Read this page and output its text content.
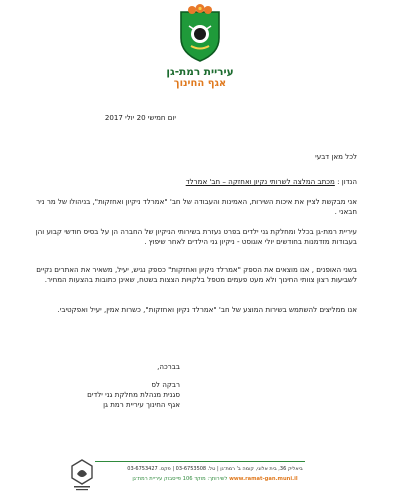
עיריית רמת-גן
אגף החינוך
יום חמישי 20 יולי 2017
לכל מאן דבעי
הנדון : מכתב המלצה לשרותי נקיון ואחזקה – חב' אמרלד
אני מבקשת לציין את איכות השירות, האמינות והעבודה של חב' "אמרלד ניקיון ואחזקות", בניהולו של מר ניר חבאני .
עיריית רמת-גן בכלל ומחלקת גני ילדים בפרט נעזרת בשירותי הניקיון של החברה הן על בסיס חודשי קבוע והן בעבודות מזדמנות בחודשים יולי אוגוסט - ניקיון גני הילדים לאחר שיפוץ .
בשני האופנים , אנו מוצאים את הספק "אמרלד ניקיון ואחזקות" כספק נגיש, יעיל, משאיר את האתרים נקיים לשביעות רצון צוותי החינוך ולא מעט פעמים מטפל בלקויות הצצות בשטח, שאינן כתובות בהצעות המחיר.
אנו ממליצים להשתמש בשירות המוצע של חב' "אמרלד נקיון ואחזקות", כשרות אמין, יעיל ואפקטיבי.
בברכה,
רבקה לס
סגנית מנהלת מחלקת גני ילדים
אגף החינוך עיריית רמת גן
ביאליק 36, בית אלוני, קומה ב' רמת־גן | טל. 03-6753508 | פקס. 03-6753427
www.ramat-gan.muni.il לשירותך: מוקד 106 פייסבוק עיריית רמת־גן
